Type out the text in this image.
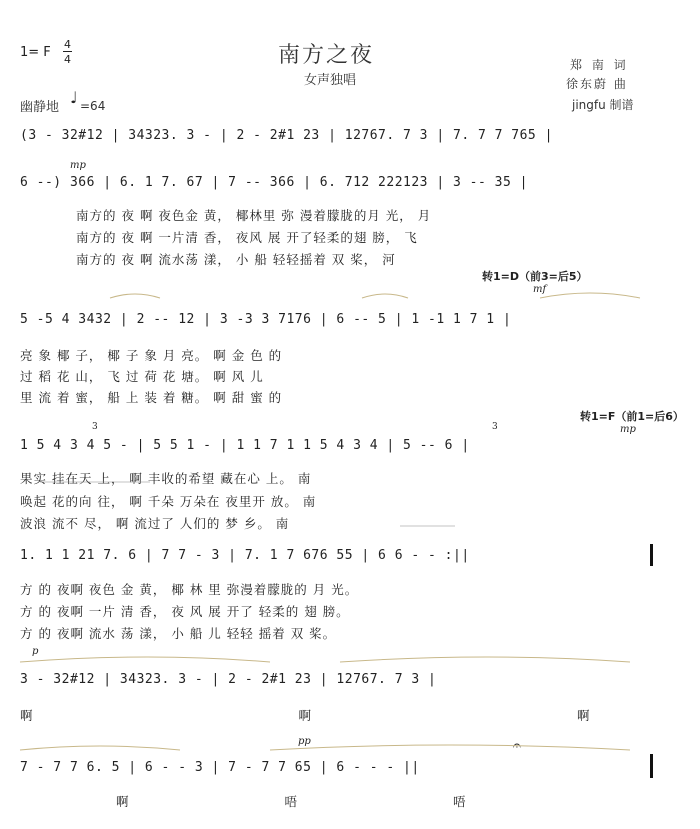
1= F
4
4	南方之夜
女声独唱
郑 南 词
徐东蔚 曲
jingfu 制谱
幽静地
♩ =64
(3 - 32#12 | 34323. 3 - | 2 - 2#1 23 | 12767. 7 3 | 7. 7 7 765 |
mp
6 --) 366 | 6. 1 7. 67 | 7 -- 366 | 6. 712 222123 | 3 -- 35 |
南方的 夜 啊 夜色金 黄， 椰林里 弥 漫着朦胧的月 光， 月
南方的 夜 啊 一片清 香， 夜风 展 开了轻柔的翅 膀， 飞
南方的 夜 啊 流水荡 漾， 小 船 轻轻摇着 双 桨， 河
转1=D（前3=后5）
mf
5 -5 4 3432 | 2 -- 12 | 3 -3 3 7176 | 6 -- 5 | 1 -1 1 7 1 |
亮 象 椰 子， 椰 子 象 月 亮。 啊 金 色 的
过 稻 花 山， 飞 过 荷 花 塘。 啊 风 儿
里 流 着 蜜， 船 上 装 着 糖。 啊 甜 蜜 的
转1=F（前1=后6）
mp
3	3
1 5 4 3 4 5 - | 5 5 1 - | 1 1 7 1 1 5 4 3 4 | 5 -- 6 |
果实 挂在天 上， 啊 丰收的希望 藏在心 上。 南
唤起 花的向 往， 啊 千朵 万朵在 夜里开 放。 南
波浪 流不 尽， 啊 流过了 人们的 梦 乡。 南
1. 1 1 21 7. 6 | 7 7 - 3 | 7. 1 7 676 55 | 6 6 - - :||
方 的 夜啊 夜色 金 黄， 椰 林 里 弥漫着朦胧的 月 光。
方 的 夜啊 一片 清 香， 夜 风 展 开了 轻柔的 翅 膀。
方 的 夜啊 流水 荡 漾， 小 船 儿 轻轻 摇着 双 桨。
p
3 - 32#12 | 34323. 3 - | 2 - 2#1 23 | 12767. 7 3 |
啊 啊 啊
pp	𝄐
7 - 7 7 6. 5 | 6 - - 3 | 7 - 7 7 65 | 6 - - - ||
啊 唔 唔
